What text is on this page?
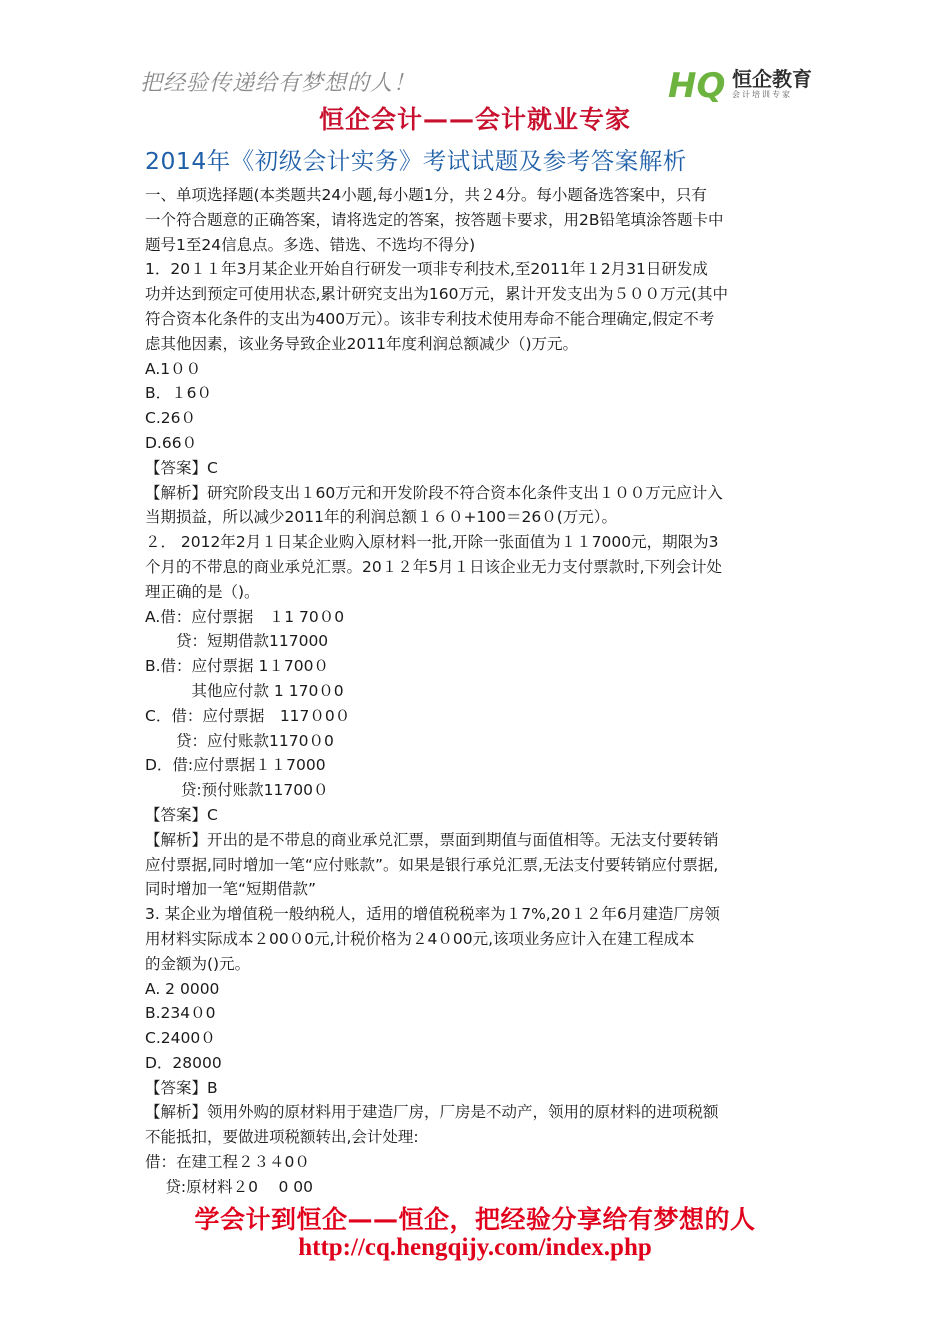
把经验传递给有梦想的人！	HQ 恒企教育
会计培训专家
恒企会计——会计就业专家
2014年《初级会计实务》考试试题及参考答案解析
一、单项选择题(本类题共24小题,每小题1分，共２4分。每小题备选答案中，只有
一个符合题意的正确答案，请将选定的答案，按答题卡要求，用2B铅笔填涂答题卡中
题号1至24信息点。多选、错选、不选均不得分)
1．20１１年3月某企业开始自行研发一项非专利技术,至2011年１2月31日研发成
功并达到预定可使用状态,累计研究支出为160万元，累计开发支出为５００万元(其中
符合资本化条件的支出为400万元）。该非专利技术使用寿命不能合理确定,假定不考
虑其他因素，该业务导致企业2011年度利润总额减少（)万元。
A.1００
B．１6０
C.26０
D.66０
【答案】C
【解析】研究阶段支出１60万元和开发阶段不符合资本化条件支出１００万元应计入
当期损益，所以减少2011年的利润总额１６０+100＝26０(万元）。
２． 2012年2月１日某企业购入原材料一批,开除一张面值为１１7000元，期限为3
个月的不带息的商业承兑汇票。20１２年5月１日该企业无力支付票款时,下列会计处
理正确的是（)。
A.借：应付票据　１1 70０0
　　贷：短期借款117000
B.借：应付票据 1１700０
　　　其他应付款 1 170０0
C．借：应付票据　117０0０
　　贷：应付账款1170０0
D．借:应付票据１１7000
　　 贷:预付账款11700０
【答案】C
【解析】开出的是不带息的商业承兑汇票，票面到期值与面值相等。无法支付要转销
应付票据,同时增加一笔“应付账款”。如果是银行承兑汇票,无法支付要转销应付票据,
同时增加一笔“短期借款”
3. 某企业为增值税一般纳税人，适用的增值税税率为１7%,20１２年6月建造厂房领
用材料实际成本２00０0元,计税价格为２4０00元,该项业务应计入在建工程成本
的金额为()元。
A. 2 0000
B.234０0
C.2400０
D．28000
【答案】B
【解析】领用外购的原材料用于建造厂房，厂房是不动产，领用的原材料的进项税额
不能抵扣，要做进项税额转出,会计处理:
借：在建工程２３４0０
　 贷:原材料２0　 0 00
学会计到恒企——恒企，把经验分享给有梦想的人
http://cq.hengqijy.com/index.php
